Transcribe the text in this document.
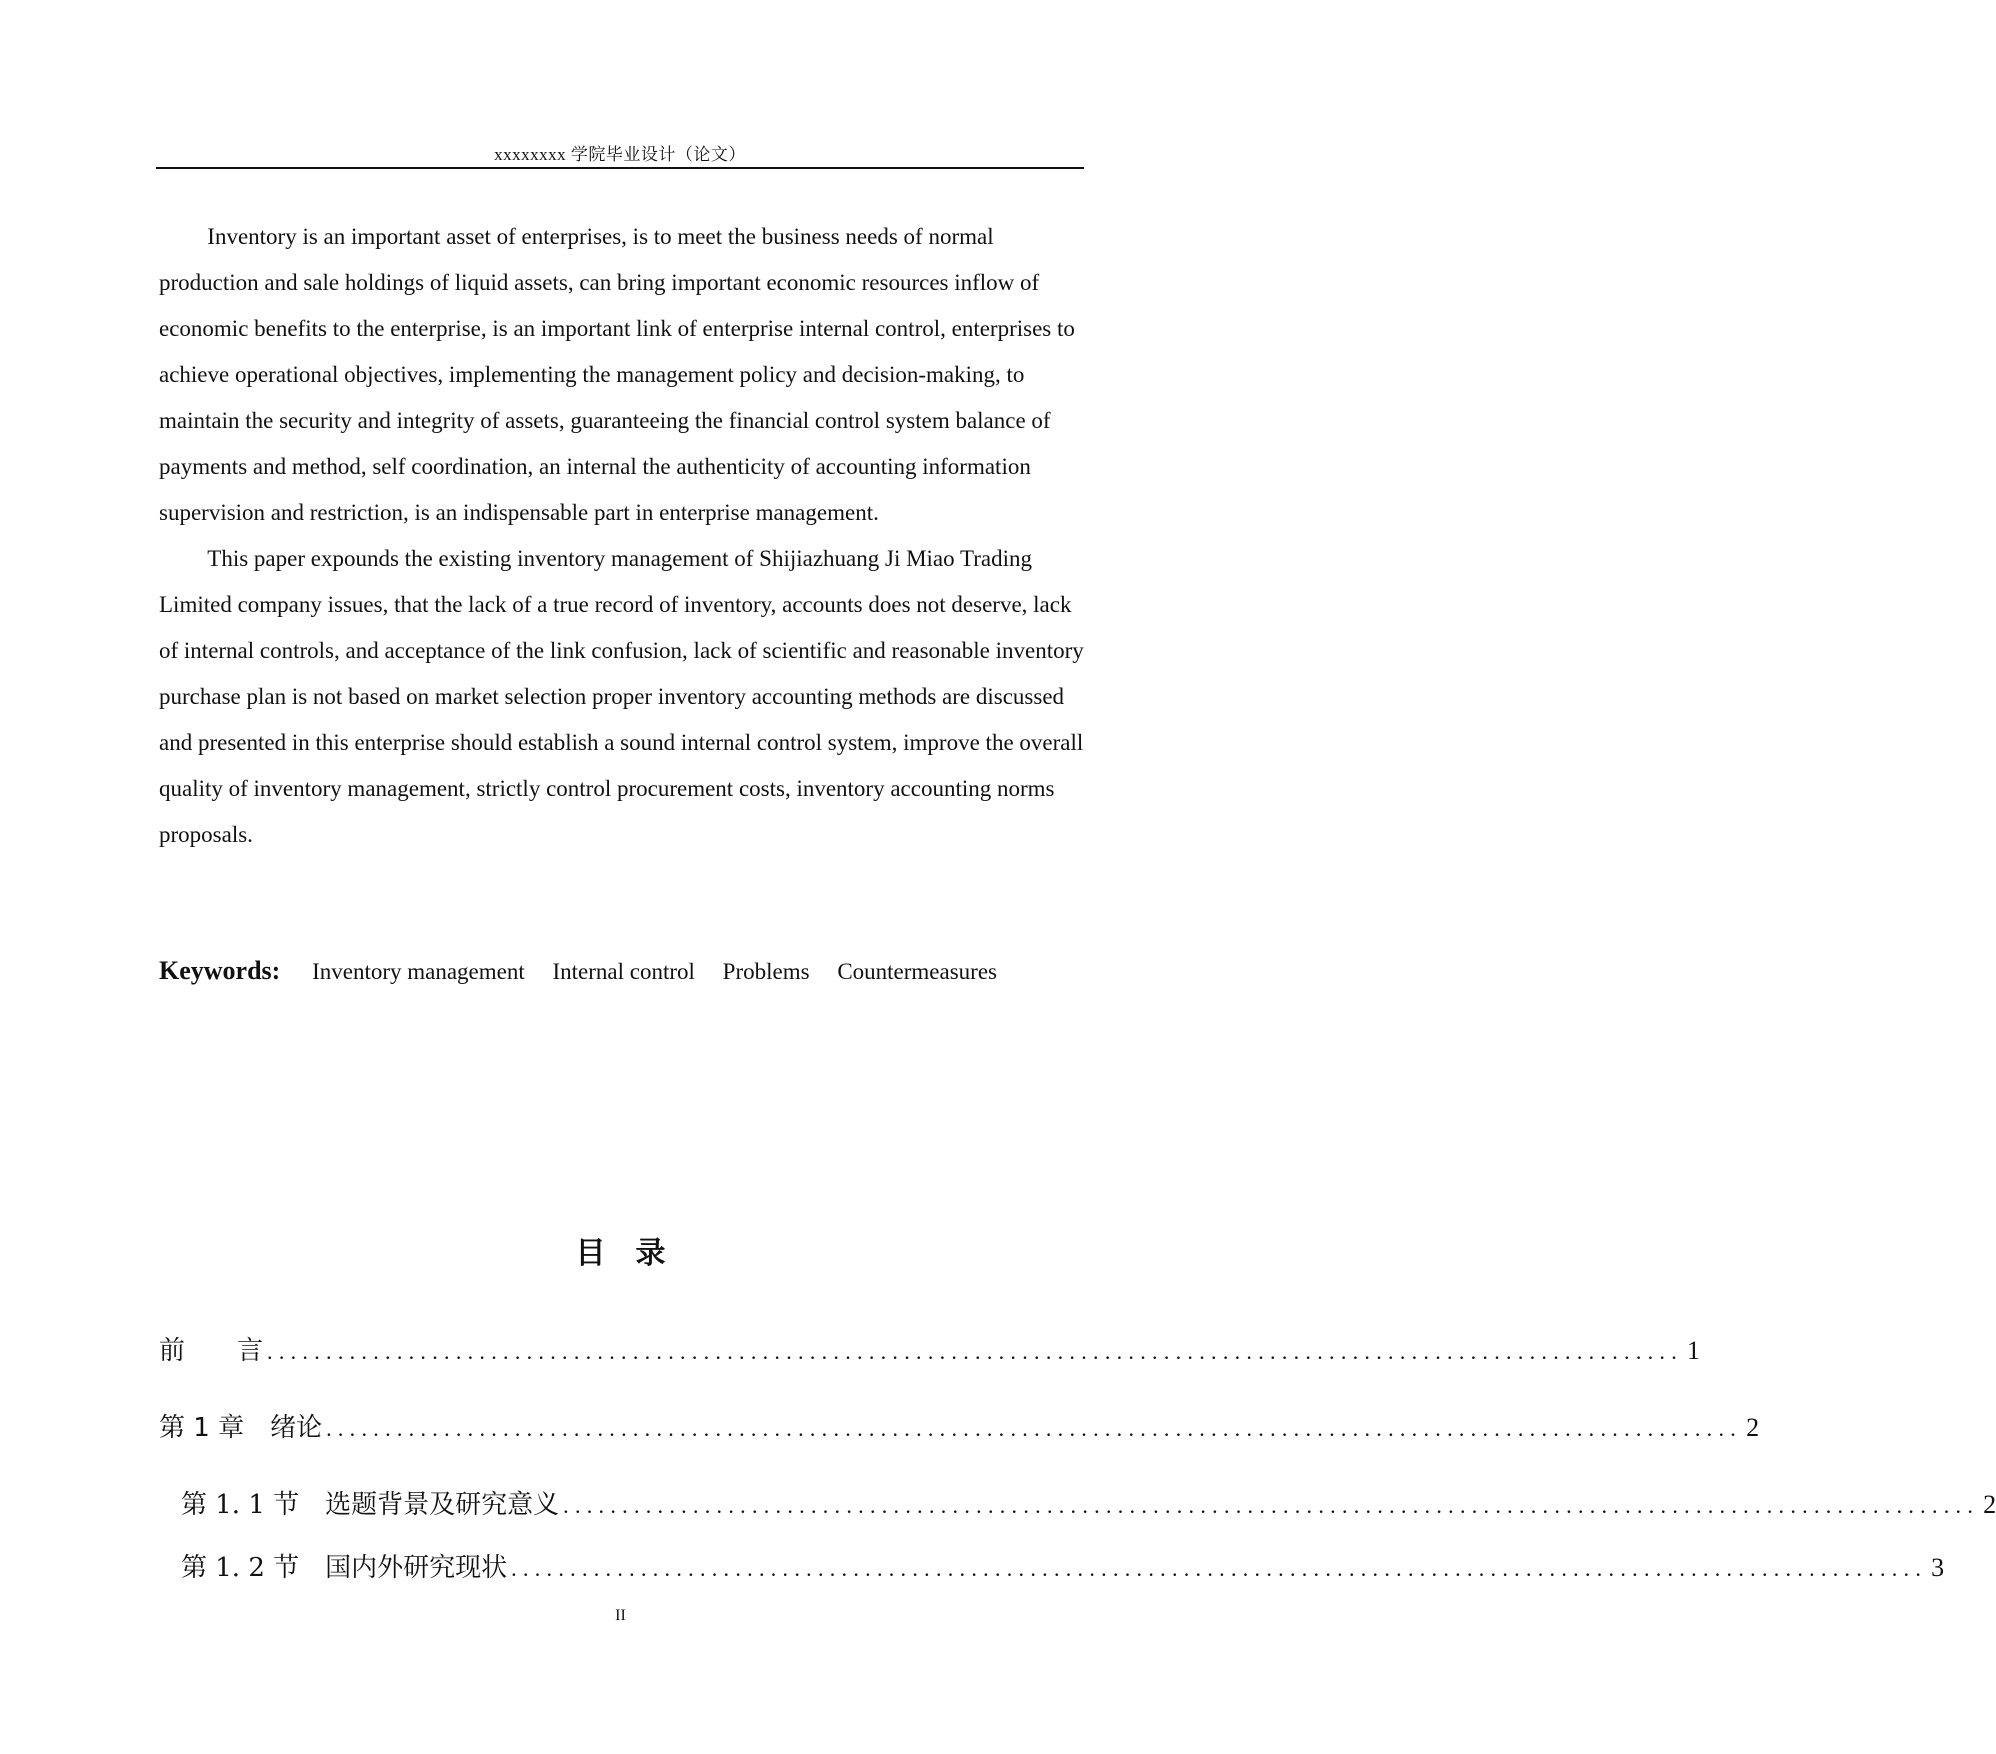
xxxxxxxx 学院毕业设计（论文）

Inventory is an important asset of enterprises, is to meet the business needs of normal production and sale holdings of liquid assets, can bring important economic resources inflow of economic benefits to the enterprise, is an important link of enterprise internal control, enterprises to achieve operational objectives, implementing the management policy and decision-making, to maintain the security and integrity of assets, guaranteeing the financial control system balance of payments and method, self coordination, an internal the authenticity of accounting information supervision and restriction, is an indispensable part in enterprise management.

This paper expounds the existing inventory management of Shijiazhuang Ji Miao Trading Limited company issues, that the lack of a true record of inventory, accounts does not deserve, lack of internal controls, and acceptance of the link confusion, lack of scientific and reasonable inventory purchase plan is not based on market selection proper inventory accounting methods are discussed and presented in this enterprise should establish a sound internal control system, improve the overall quality of inventory management, strictly control procurement costs, inventory accounting norms proposals.

Keywords: Inventory management Internal control Problems Countermeasures
目录
前　　言 ........................................................................................................................ 1
第 1 章　绪论 ........................................................................................................................ 2
第 1. 1 节　选题背景及研究意义 ........................................................................................................................ 2
第 1. 2 节　国内外研究现状 ........................................................................................................................ 3
II
